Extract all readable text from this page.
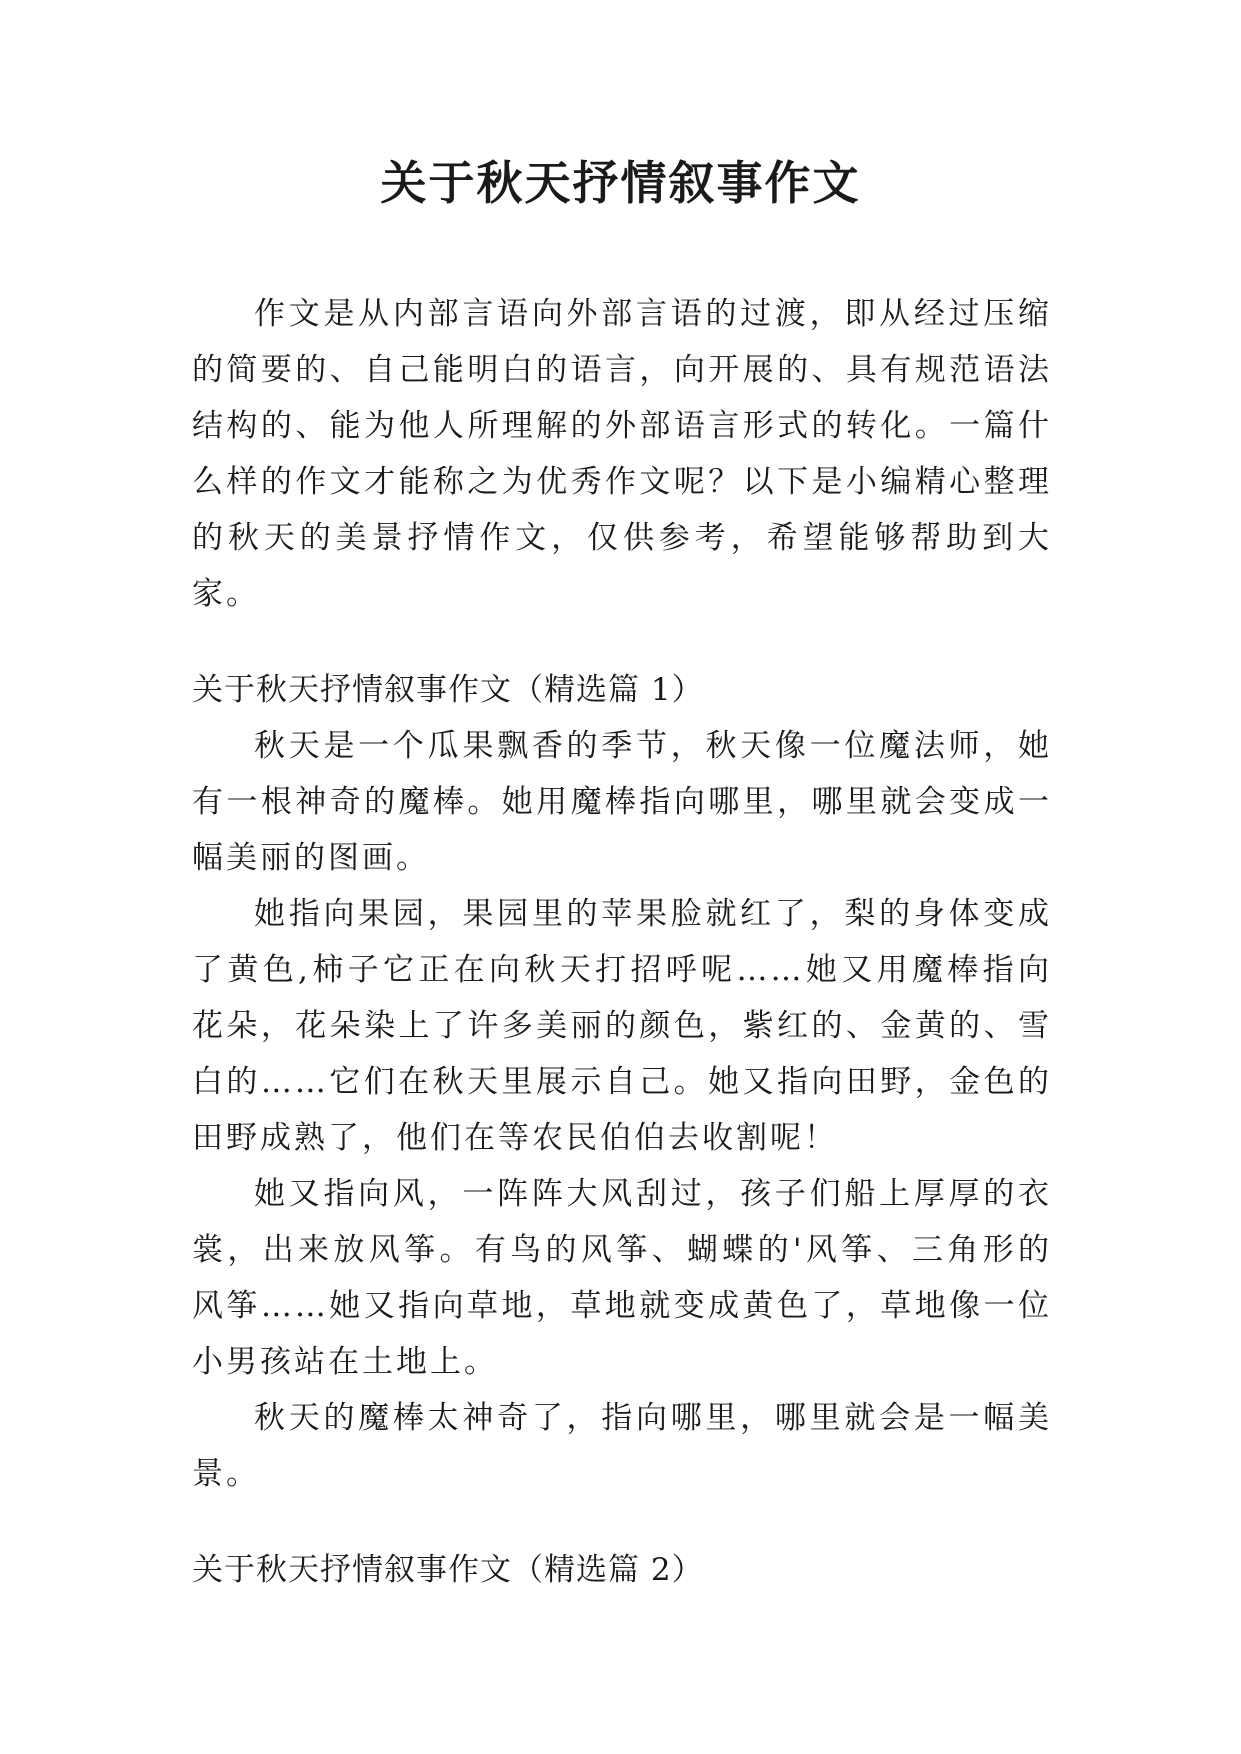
关于秋天抒情叙事作文

作文是从内部言语向外部言语的过渡，即从经过压缩的简要的、自己能明白的语言，向开展的、具有规范语法结构的、能为他人所理解的外部语言形式的转化。一篇什么样的作文才能称之为优秀作文呢？以下是小编精心整理的秋天的美景抒情作文，仅供参考，希望能够帮助到大家。

关于秋天抒情叙事作文（精选篇 1）

秋天是一个瓜果飘香的季节，秋天像一位魔法师，她有一根神奇的魔棒。她用魔棒指向哪里，哪里就会变成一幅美丽的图画。

她指向果园，果园里的苹果脸就红了，梨的身体变成了黄色,柿子它正在向秋天打招呼呢……她又用魔棒指向花朵，花朵染上了许多美丽的颜色，紫红的、金黄的、雪白的……它们在秋天里展示自己。她又指向田野，金色的田野成熟了，他们在等农民伯伯去收割呢！

她又指向风，一阵阵大风刮过，孩子们船上厚厚的衣裳，出来放风筝。有鸟的风筝、蝴蝶的'风筝、三角形的风筝……她又指向草地，草地就变成黄色了，草地像一位小男孩站在土地上。

秋天的魔棒太神奇了，指向哪里，哪里就会是一幅美景。

关于秋天抒情叙事作文（精选篇 2）
